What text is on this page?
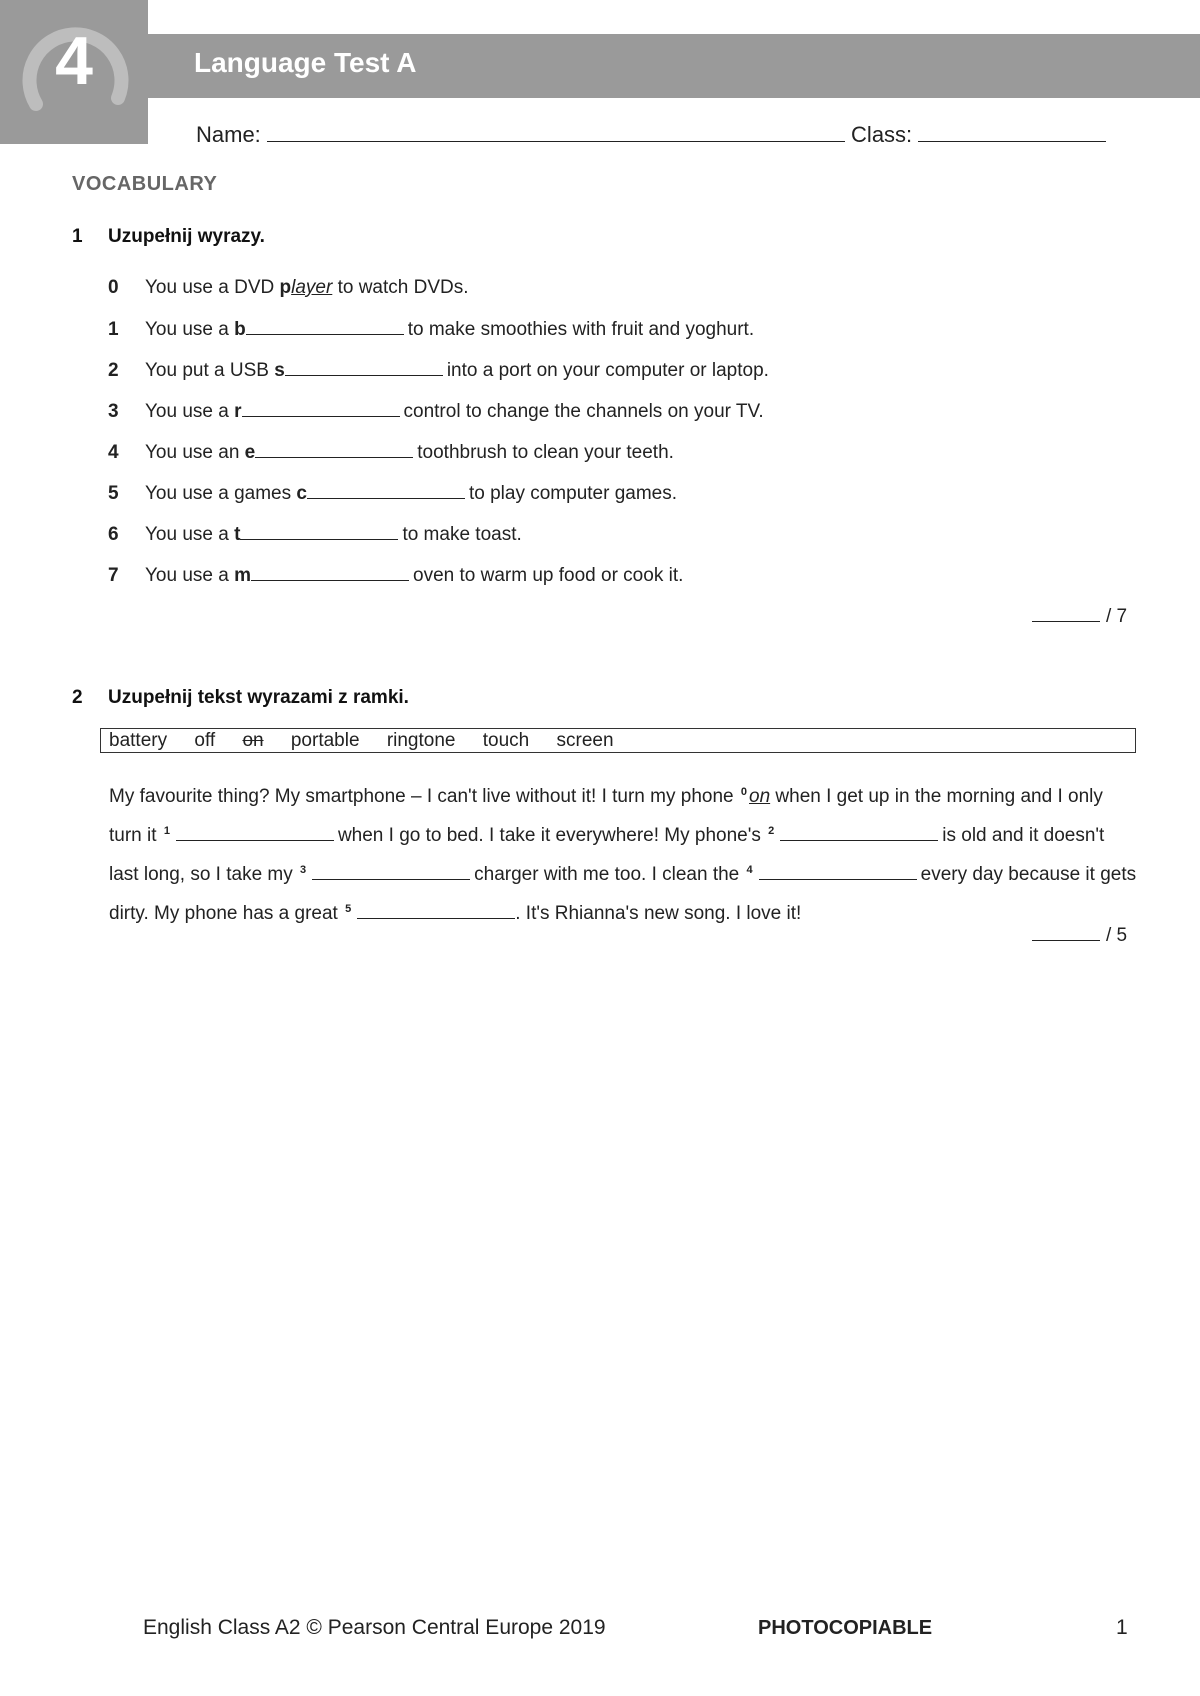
4	Language Test A
Name:	Class:
VOCABULARY
1 Uzupełnij wyrazy.
0 You use a DVD player to watch DVDs.
1 You use a b	to make smoothies with fruit and yoghurt.
2 You put a USB s	into a port on your computer or laptop.
3 You use a r	control to change the channels on your TV.
4 You use an e	toothbrush to clean your teeth.
5 You use a games c	to play computer games.
6 You use a t	to make toast.
7 You use a m	oven to warm up food or cook it.
/ 7
2 Uzupełnij tekst wyrazami z ramki.
battery off on portable ringtone touch screen
My favourite thing? My smartphone – I can't live without it! I turn my phone $^0$ on when I get up in the morning and I only turn it $^1$	when I go to bed. I take it everywhere! My phone's $^2$	is old and it doesn't last long, so I take my $^3$	charger with me too. I clean the $^4$	every day because it gets dirty. My phone has a great $^5$	. It's Rhianna's new song. I love it!
/ 5
English Class A2 © Pearson Central Europe 2019	PHOTOCOPIABLE	1
